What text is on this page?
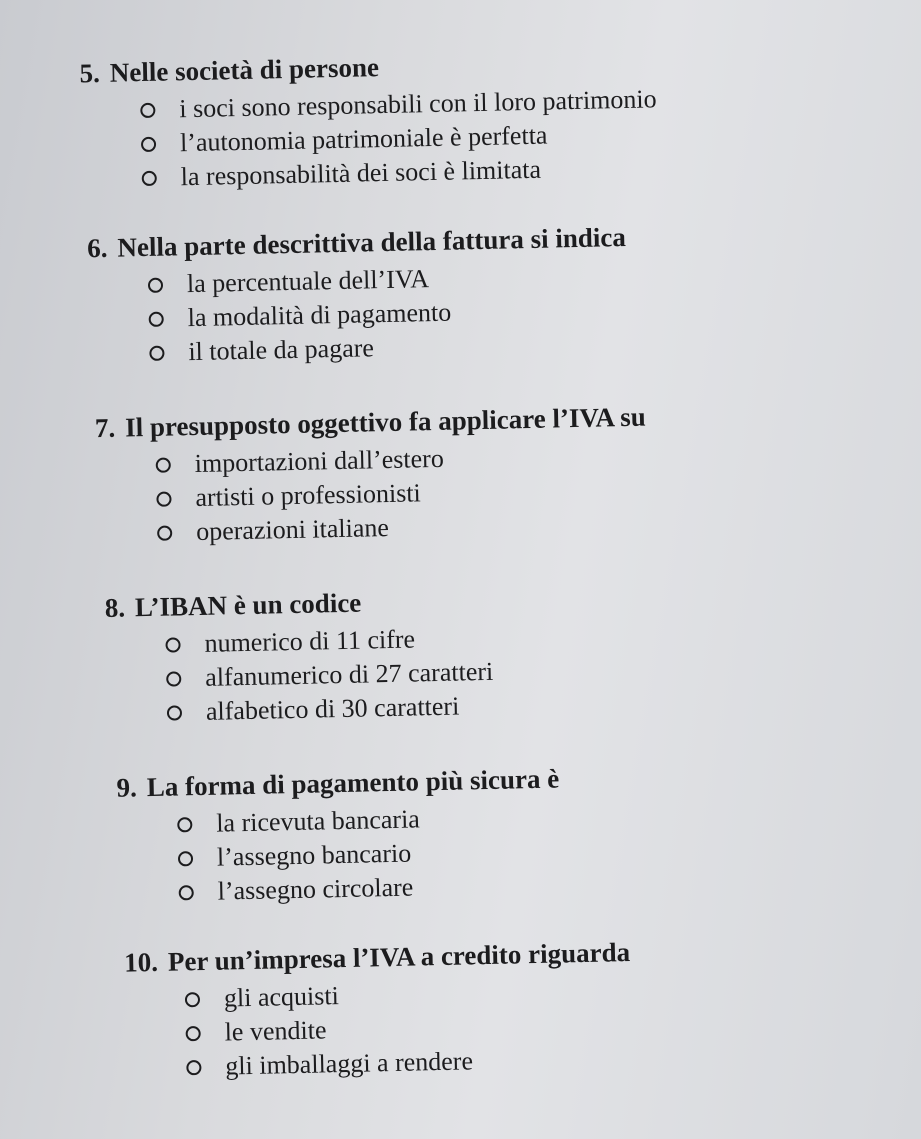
5. Nelle società di persone
i soci sono responsabili con il loro patrimonio
l’autonomia patrimoniale è perfetta
la responsabilità dei soci è limitata
6. Nella parte descrittiva della fattura si indica
la percentuale dell’IVA
la modalità di pagamento
il totale da pagare
7. Il presupposto oggettivo fa applicare l’IVA su
importazioni dall’estero
artisti o professionisti
operazioni italiane
8. L’IBAN è un codice
numerico di 11 cifre
alfanumerico di 27 caratteri
alfabetico di 30 caratteri
9. La forma di pagamento più sicura è
la ricevuta bancaria
l’assegno bancario
l’assegno circolare
10. Per un’impresa l’IVA a credito riguarda
gli acquisti
le vendite
gli imballaggi a rendere
